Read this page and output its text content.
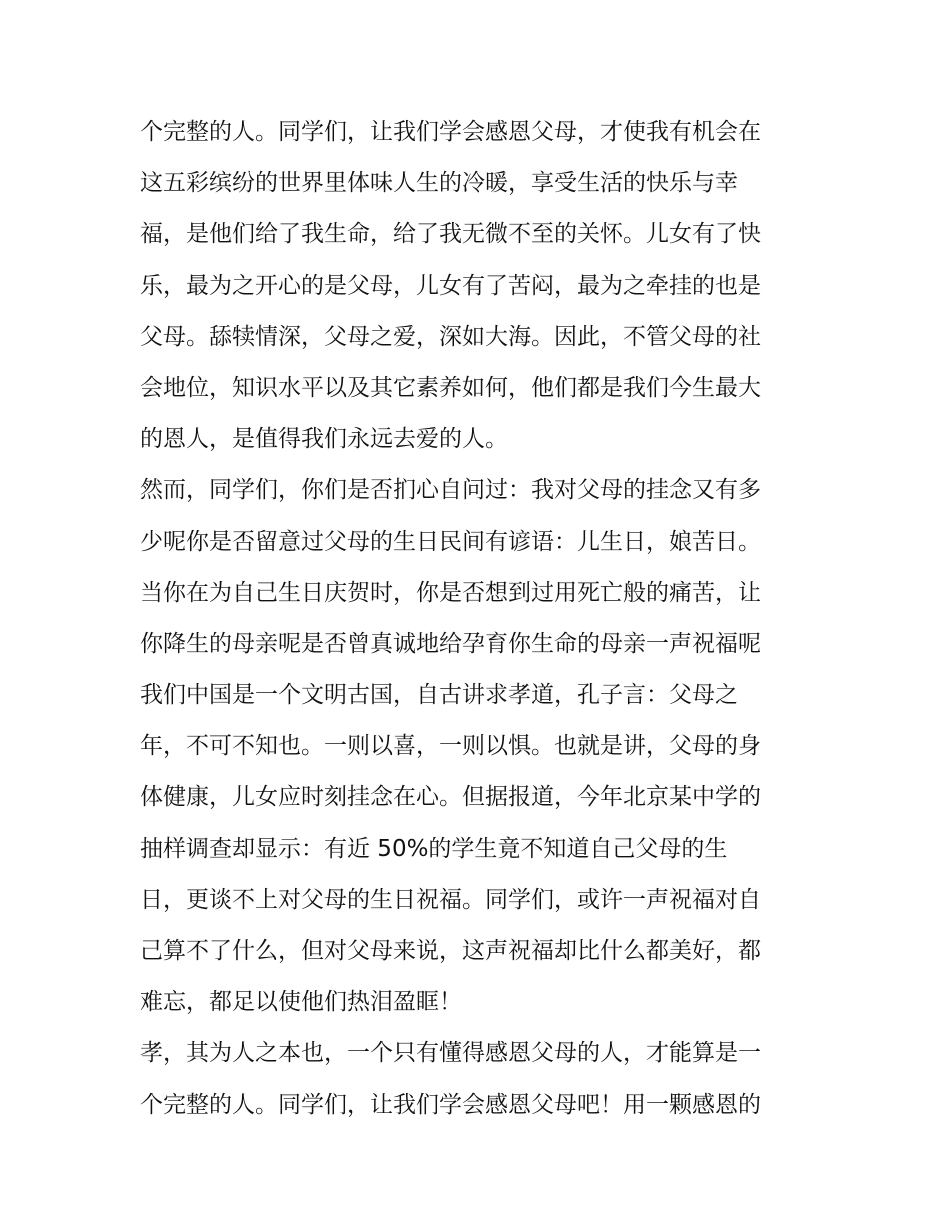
个完整的人。同学们，让我们学会感恩父母，才使我有机会在
这五彩缤纷的世界里体味人生的冷暖，享受生活的快乐与幸
福，是他们给了我生命，给了我无微不至的关怀。儿女有了快
乐，最为之开心的是父母，儿女有了苦闷，最为之牵挂的也是
父母。舔犊情深，父母之爱，深如大海。因此，不管父母的社
会地位，知识水平以及其它素养如何，他们都是我们今生最大
的恩人，是值得我们永远去爱的人。
然而，同学们，你们是否扪心自问过：我对父母的挂念又有多
少呢你是否留意过父母的生日民间有谚语：儿生日，娘苦日。
当你在为自己生日庆贺时，你是否想到过用死亡般的痛苦，让
你降生的母亲呢是否曾真诚地给孕育你生命的母亲一声祝福呢
我们中国是一个文明古国，自古讲求孝道，孔子言：父母之
年，不可不知也。一则以喜，一则以惧。也就是讲，父母的身
体健康，儿女应时刻挂念在心。但据报道，今年北京某中学的
抽样调查却显示：有近 50%的学生竟不知道自己父母的生
日，更谈不上对父母的生日祝福。同学们，或许一声祝福对自
己算不了什么，但对父母来说，这声祝福却比什么都美好，都
难忘，都足以使他们热泪盈眶！
孝，其为人之本也，一个只有懂得感恩父母的人，才能算是一
个完整的人。同学们，让我们学会感恩父母吧！用一颗感恩的
